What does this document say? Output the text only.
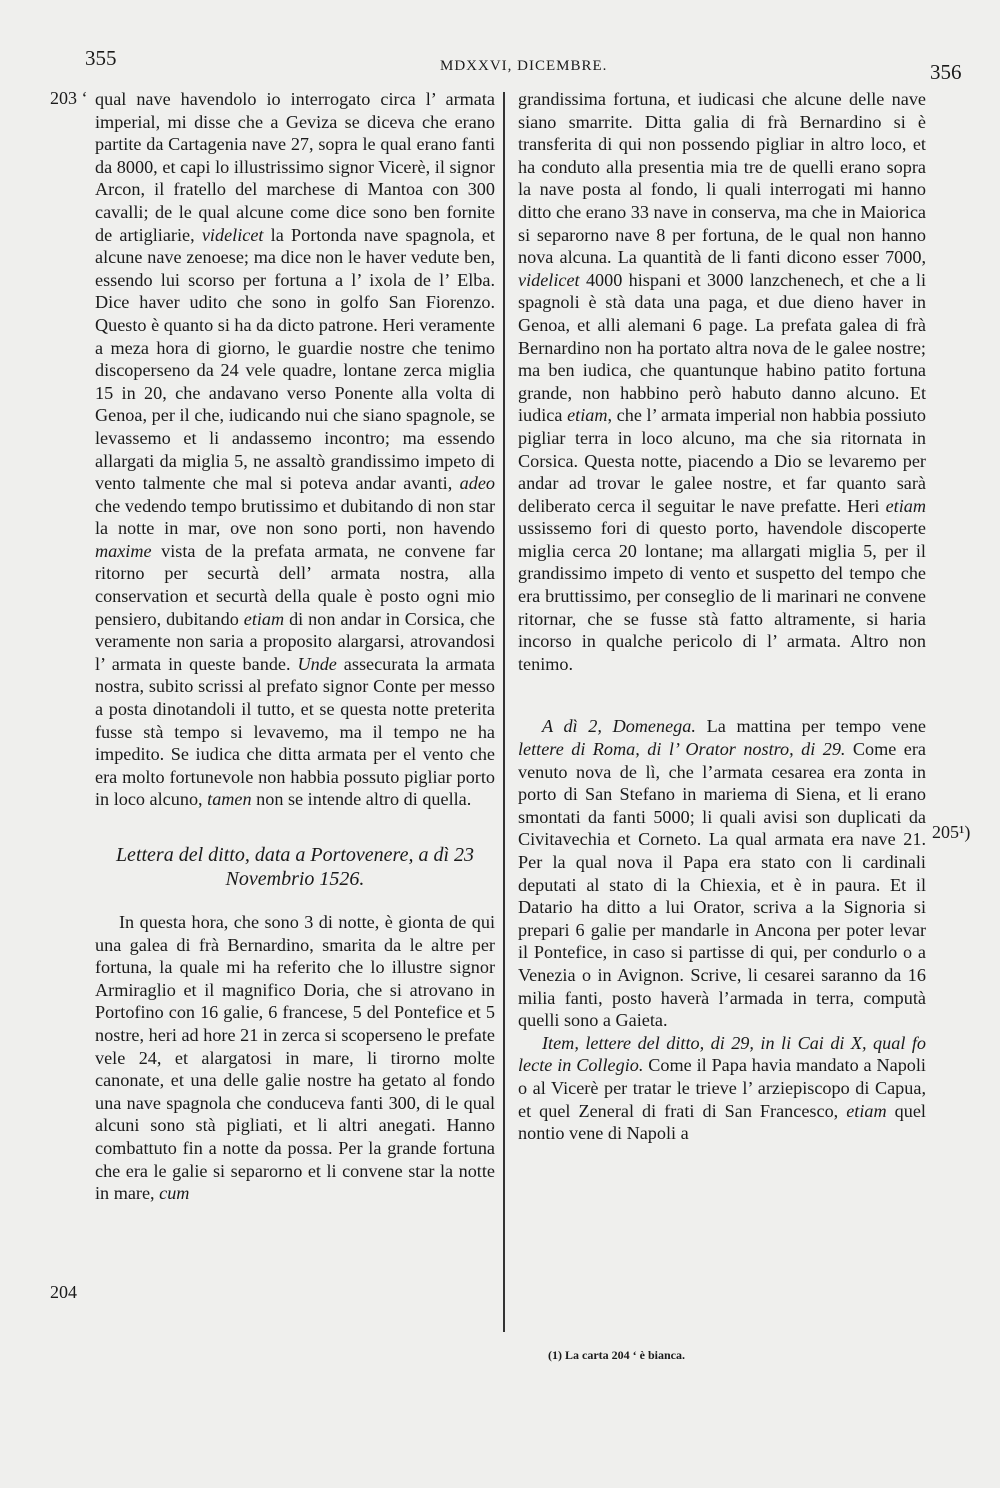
355	MDXXVI, DICEMBRE.	356
203 ‘
204
205¹)

qual nave havendolo io interrogato circa l’ armata imperial, mi disse che a Geviza se diceva che erano partite da Cartagenia nave 27, sopra le qual erano fanti da 8000, et capi lo illustrissimo signor Vicerè, il signor Arcon, il fratello del marchese di Mantoa con 300 cavalli; de le qual alcune come dice sono ben fornite de artigliarie, videlicet la Portonda nave spagnola, et alcune nave zenoese; ma dice non le haver vedute ben, essendo lui scorso per fortuna a l’ ixola de l’ Elba. Dice haver udito che sono in golfo San Fiorenzo. Questo è quanto si ha da dicto patrone. Heri veramente a meza hora di giorno, le guardie nostre che tenimo discoperseno da 24 vele quadre, lontane zerca miglia 15 in 20, che andavano verso Ponente alla volta di Genoa, per il che, iudicando nui che siano spagnole, se levassemo et li andassemo incontro; ma essendo allargati da miglia 5, ne assaltò grandissimo impeto di vento talmente che mal si poteva andar avanti, adeo che vedendo tempo brutissimo et dubitando di non star la notte in mar, ove non sono porti, non havendo maxime vista de la prefata armata, ne convene far ritorno per securtà dell’ armata nostra, alla conservation et securtà della quale è posto ogni mio pensiero, dubitando etiam di non andar in Corsica, che veramente non saria a proposito alargarsi, atrovandosi l’ armata in queste bande. Unde assecurata la armata nostra, subito scrissi al prefato signor Conte per messo a posta dinotandoli il tutto, et se questa notte preterita fusse stà tempo si levavemo, ma il tempo ne ha impedito. Se iudica che ditta armata per el vento che era molto fortunevole non habbia possuto pigliar porto in loco alcuno, tamen non se intende altro di quella.

Lettera del ditto, data a Portovenere, a dì 23 Novembrio 1526.

In questa hora, che sono 3 di notte, è gionta de qui una galea di frà Bernardino, smarita da le altre per fortuna, la quale mi ha referito che lo illustre signor Armiraglio et il magnifico Doria, che si atrovano in Portofino con 16 galie, 6 francese, 5 del Pontefice et 5 nostre, heri ad hore 21 in zerca si scoperseno le prefate vele 24, et alargatosi in mare, li tirorno molte canonate, et una delle galie nostre ha getato al fondo una nave spagnola che conduceva fanti 300, di le qual alcuni sono stà pigliati, et li altri anegati. Hanno combattuto fin a notte da possa. Per la grande fortuna che era le galie si separorno et li convene star la notte in mare, cum

grandissima fortuna, et iudicasi che alcune delle nave siano smarrite. Ditta galia di frà Bernardino si è transferita di qui non possendo pigliar in altro loco, et ha conduto alla presentia mia tre de quelli erano sopra la nave posta al fondo, li quali interrogati mi hanno ditto che erano 33 nave in conserva, ma che in Maiorica si separorno nave 8 per fortuna, de le qual non hanno nova alcuna. La quantità de li fanti dicono esser 7000, videlicet 4000 hispani et 3000 lanzchenech, et che a li spagnoli è stà data una paga, et due dieno haver in Genoa, et alli alemani 6 page. La prefata galea di frà Bernardino non ha portato altra nova de le galee nostre; ma ben iudica, che quantunque habino patito fortuna grande, non habbino però habuto danno alcuno. Et iudica etiam, che l’ armata imperial non habbia possiuto pigliar terra in loco alcuno, ma che sia ritornata in Corsica. Questa notte, piacendo a Dio se levaremo per andar ad trovar le galee nostre, et far quanto sarà deliberato cerca il seguitar le nave prefatte. Heri etiam ussissemo fori di questo porto, havendole discoperte miglia cerca 20 lontane; ma allargati miglia 5, per il grandissimo impeto di vento et suspetto del tempo che era bruttissimo, per conseglio de li marinari ne convene ritornar, che se fusse stà fatto altramente, si haria incorso in qualche pericolo di l’ armata. Altro non tenimo.

A dì 2, Domenega. La mattina per tempo vene lettere di Roma, di l’ Orator nostro, di 29. Come era venuto nova de lì, che l’armata cesarea era zonta in porto di San Stefano in mariema di Siena, et li erano smontati da fanti 5000; li quali avisi son duplicati da Civitavechia et Corneto. La qual armata era nave 21. Per la qual nova il Papa era stato con li cardinali deputati al stato di la Chiexia, et è in paura. Et il Datario ha ditto a lui Orator, scriva a la Signoria si prepari 6 galie per mandarle in Ancona per poter levar il Pontefice, in caso si partisse di qui, per condurlo o a Venezia o in Avignon. Scrive, li cesarei saranno da 16 milia fanti, posto haverà l’armada in terra, computà quelli sono a Gaieta.

Item, lettere del ditto, di 29, in li Cai di X, qual fo lecte in Collegio. Come il Papa havia mandato a Napoli o al Vicerè per tratar le trieve l’ arziepiscopo di Capua, et quel Zeneral di frati di San Francesco, etiam quel nontio vene di Napoli a

(1) La carta 204 ‘ è bianca.
